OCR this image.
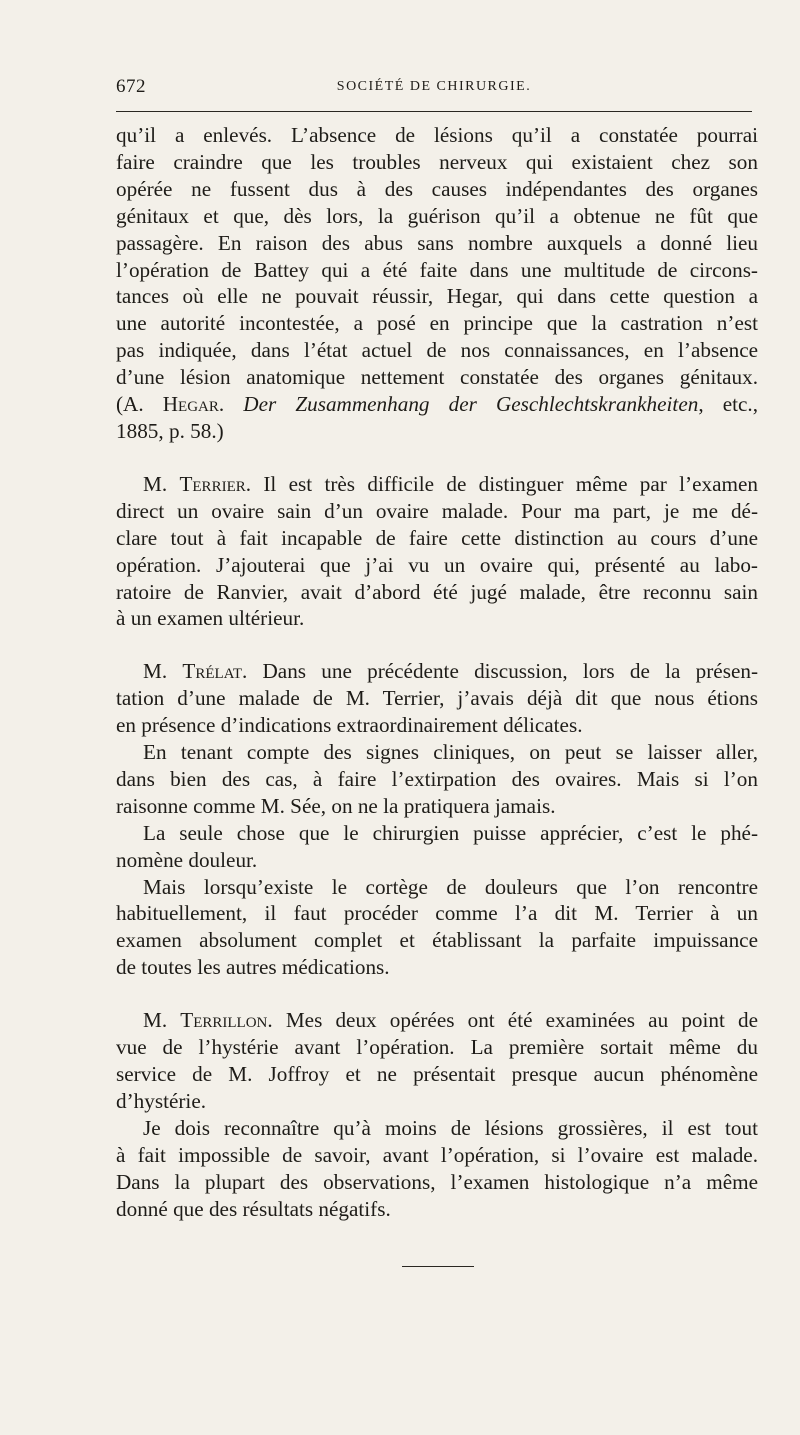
672	SOCIÉTÉ DE CHIRURGIE.

qu’il a enlevés. L’absence de lésions qu’il a constatée pourrai
faire craindre que les troubles nerveux qui existaient chez son
opérée ne fussent dus à des causes indépendantes des organes
génitaux et que, dès lors, la guérison qu’il a obtenue ne fût que
passagère. En raison des abus sans nombre auxquels a donné lieu
l’opération de Battey qui a été faite dans une multitude de circons-
tances où elle ne pouvait réussir, Hegar, qui dans cette question a
une autorité incontestée, a posé en principe que la castration n’est
pas indiquée, dans l’état actuel de nos connaissances, en l’absence
d’une lésion anatomique nettement constatée des organes génitaux.
(A. Hegar. Der Zusammenhang der Geschlechtskrankheiten, etc.,
1885, p. 58.)

M. Terrier. Il est très difficile de distinguer même par l’examen
direct un ovaire sain d’un ovaire malade. Pour ma part, je me dé-
clare tout à fait incapable de faire cette distinction au cours d’une
opération. J’ajouterai que j’ai vu un ovaire qui, présenté au labo-
ratoire de Ranvier, avait d’abord été jugé malade, être reconnu sain
à un examen ultérieur.

M. Trélat. Dans une précédente discussion, lors de la présen-
tation d’une malade de M. Terrier, j’avais déjà dit que nous étions
en présence d’indications extraordinairement délicates.

En tenant compte des signes cliniques, on peut se laisser aller,
dans bien des cas, à faire l’extirpation des ovaires. Mais si l’on
raisonne comme M. Sée, on ne la pratiquera jamais.

La seule chose que le chirurgien puisse apprécier, c’est le phé-
nomène douleur.

Mais lorsqu’existe le cortège de douleurs que l’on rencontre
habituellement, il faut procéder comme l’a dit M. Terrier à un
examen absolument complet et établissant la parfaite impuissance
de toutes les autres médications.

M. Terrillon. Mes deux opérées ont été examinées au point de
vue de l’hystérie avant l’opération. La première sortait même du
service de M. Joffroy et ne présentait presque aucun phénomène
d’hystérie.

Je dois reconnaître qu’à moins de lésions grossières, il est tout
à fait impossible de savoir, avant l’opération, si l’ovaire est malade.
Dans la plupart des observations, l’examen histologique n’a même
donné que des résultats négatifs.
